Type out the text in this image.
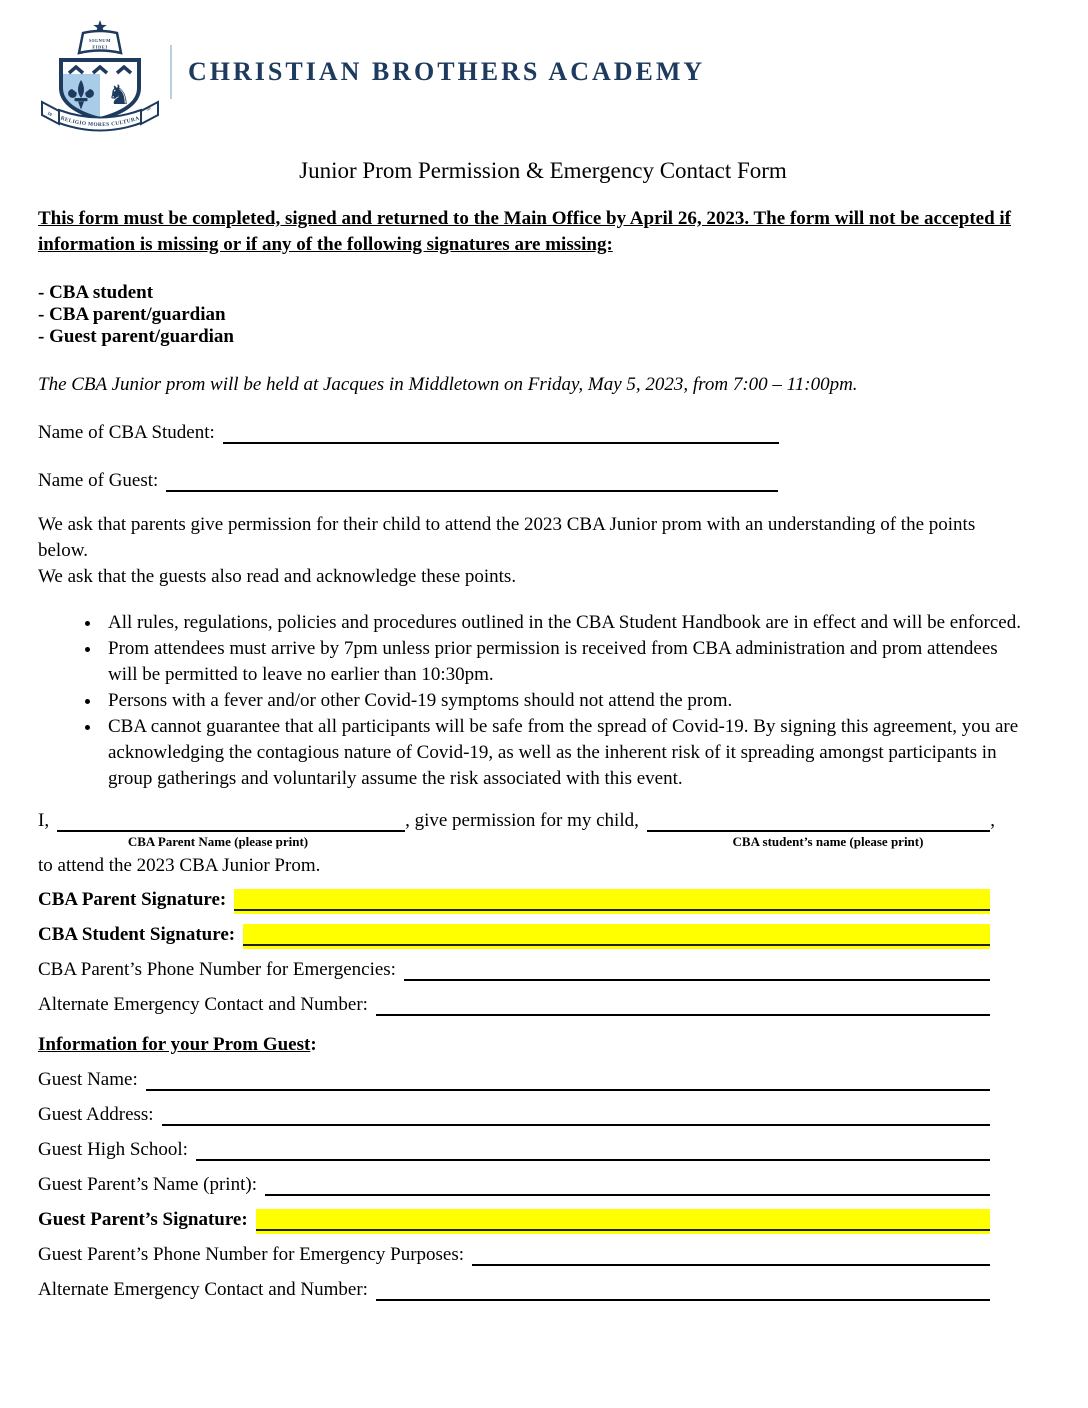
SIGNUM
FIDEI
♞
RELIGIO MORES CULTURA
18
59
CHRISTIAN BROTHERS ACADEMY
Junior Prom Permission & Emergency Contact Form
This form must be completed, signed and returned to the Main Office by April 26, 2023. The form will not be accepted if information is missing or if any of the following signatures are missing:
- CBA student
- CBA parent/guardian
- Guest parent/guardian
The CBA Junior prom will be held at Jacques in Middletown on Friday, May 5, 2023, from 7:00 – 11:00pm.
Name of CBA Student:
Name of Guest:
We ask that parents give permission for their child to attend the 2023 CBA Junior prom with an understanding of the points below.
We ask that the guests also read and acknowledge these points.
• All rules, regulations, policies and procedures outlined in the CBA Student Handbook are in effect and will be enforced.
• Prom attendees must arrive by 7pm unless prior permission is received from CBA administration and prom attendees will be permitted to leave no earlier than 10:30pm.
• Persons with a fever and/or other Covid-19 symptoms should not attend the prom.
• CBA cannot guarantee that all participants will be safe from the spread of Covid-19. By signing this agreement, you are acknowledging the contagious nature of Covid-19, as well as the inherent risk of it spreading amongst participants in group gatherings and voluntarily assume the risk associated with this event.
I,	, give permission for my child,	,
CBA Parent Name (please print)	CBA student’s name (please print)
to attend the 2023 CBA Junior Prom.
CBA Parent Signature:
CBA Student Signature:
CBA Parent’s Phone Number for Emergencies:
Alternate Emergency Contact and Number:
Information for your Prom Guest:
Guest Name:
Guest Address:
Guest High School:
Guest Parent’s Name (print):
Guest Parent’s Signature:
Guest Parent’s Phone Number for Emergency Purposes:
Alternate Emergency Contact and Number:
